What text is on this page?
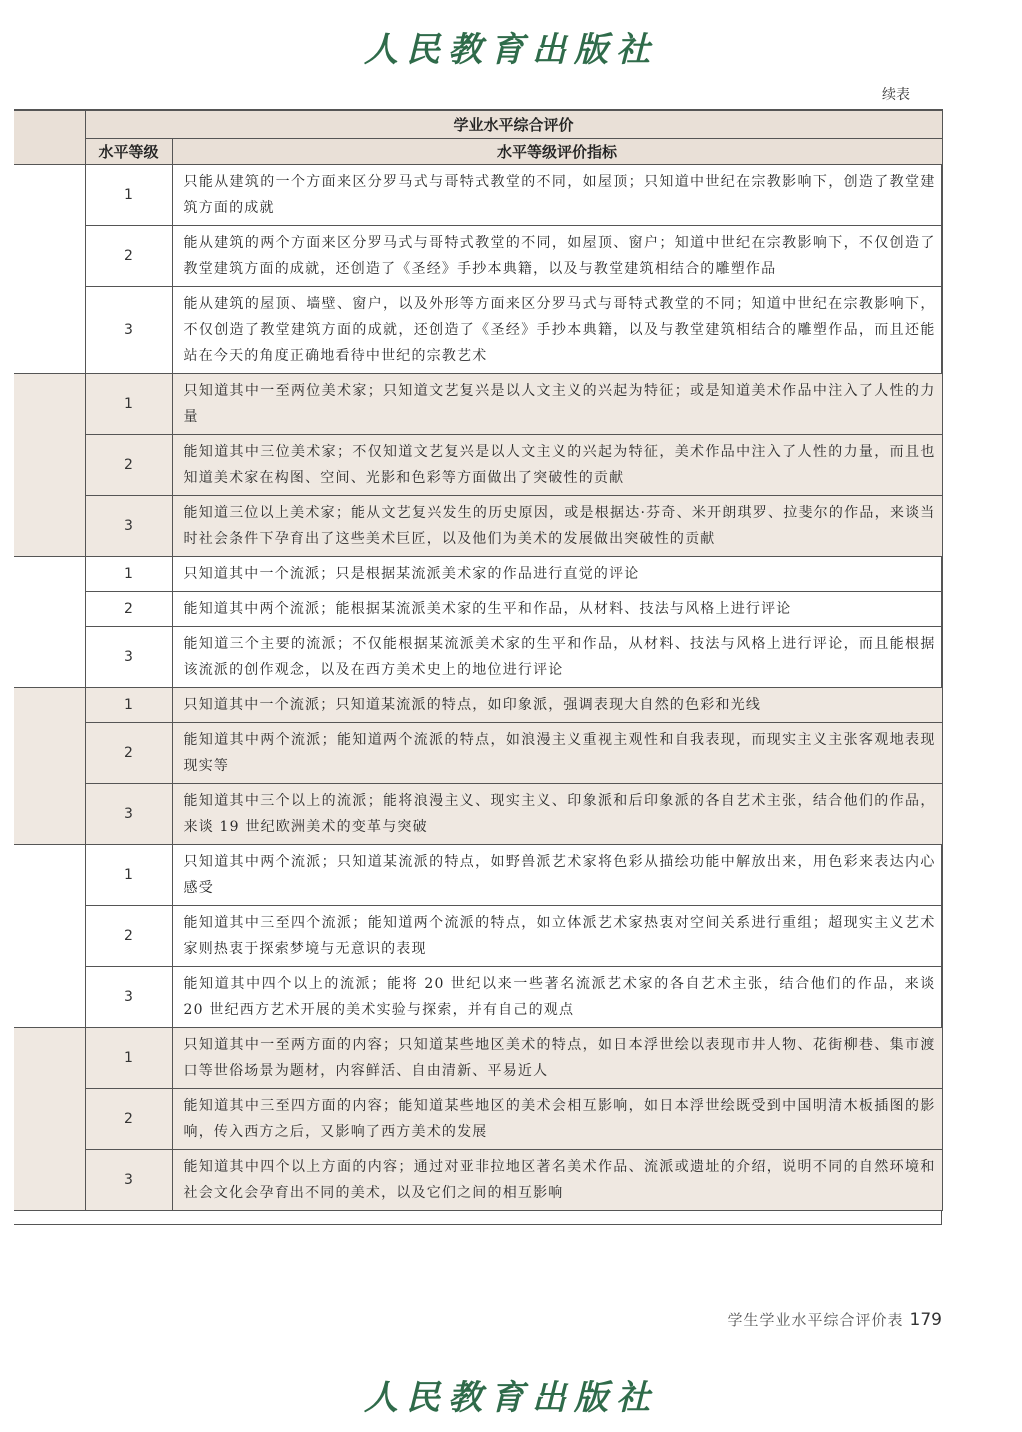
人民教育出版社
续表
	学业水平综合评价	
	水平等级	水平等级评价指标
	1	只能从建筑的一个方面来区分罗马式与哥特式教堂的不同，如屋顶；只知道中世纪在宗教影响下，创造了教堂建筑方面的成就
	2	能从建筑的两个方面来区分罗马式与哥特式教堂的不同，如屋顶、窗户；知道中世纪在宗教影响下，不仅创造了教堂建筑方面的成就，还创造了《圣经》手抄本典籍，以及与教堂建筑相结合的雕塑作品
	3	能从建筑的屋顶、墙壁、窗户，以及外形等方面来区分罗马式与哥特式教堂的不同；知道中世纪在宗教影响下，不仅创造了教堂建筑方面的成就，还创造了《圣经》手抄本典籍，以及与教堂建筑相结合的雕塑作品，而且还能站在今天的角度正确地看待中世纪的宗教艺术
	1	只知道其中一至两位美术家；只知道文艺复兴是以人文主义的兴起为特征；或是知道美术作品中注入了人性的力量
	2	能知道其中三位美术家；不仅知道文艺复兴是以人文主义的兴起为特征，美术作品中注入了人性的力量，而且也知道美术家在构图、空间、光影和色彩等方面做出了突破性的贡献
	3	能知道三位以上美术家；能从文艺复兴发生的历史原因，或是根据达·芬奇、米开朗琪罗、拉斐尔的作品，来谈当时社会条件下孕育出了这些美术巨匠，以及他们为美术的发展做出突破性的贡献
	1	只知道其中一个流派；只是根据某流派美术家的作品进行直觉的评论
	2	能知道其中两个流派；能根据某流派美术家的生平和作品，从材料、技法与风格上进行评论
	3	能知道三个主要的流派；不仅能根据某流派美术家的生平和作品，从材料、技法与风格上进行评论，而且能根据该流派的创作观念，以及在西方美术史上的地位进行评论
	1	只知道其中一个流派；只知道某流派的特点，如印象派，强调表现大自然的色彩和光线
	2	能知道其中两个流派；能知道两个流派的特点，如浪漫主义重视主观性和自我表现，而现实主义主张客观地表现现实等
	3	能知道其中三个以上的流派；能将浪漫主义、现实主义、印象派和后印象派的各自艺术主张，结合他们的作品，来谈 19 世纪欧洲美术的变革与突破
	1	只知道其中两个流派；只知道某流派的特点，如野兽派艺术家将色彩从描绘功能中解放出来，用色彩来表达内心感受
	2	能知道其中三至四个流派；能知道两个流派的特点，如立体派艺术家热衷对空间关系进行重组；超现实主义艺术家则热衷于探索梦境与无意识的表现
	3	能知道其中四个以上的流派；能将 20 世纪以来一些著名流派艺术家的各自艺术主张，结合他们的作品，来谈 20 世纪西方艺术开展的美术实验与探索，并有自己的观点
	1	只知道其中一至两方面的内容；只知道某些地区美术的特点，如日本浮世绘以表现市井人物、花街柳巷、集市渡口等世俗场景为题材，内容鲜活、自由清新、平易近人
	2	能知道其中三至四方面的内容；能知道某些地区的美术会相互影响，如日本浮世绘既受到中国明清木板插图的影响，传入西方之后，又影响了西方美术的发展
	3	能知道其中四个以上方面的内容；通过对亚非拉地区著名美术作品、流派或遗址的介绍，说明不同的自然环境和社会文化会孕育出不同的美术，以及它们之间的相互影响
学生学业水平综合评价表 179
人民教育出版社
